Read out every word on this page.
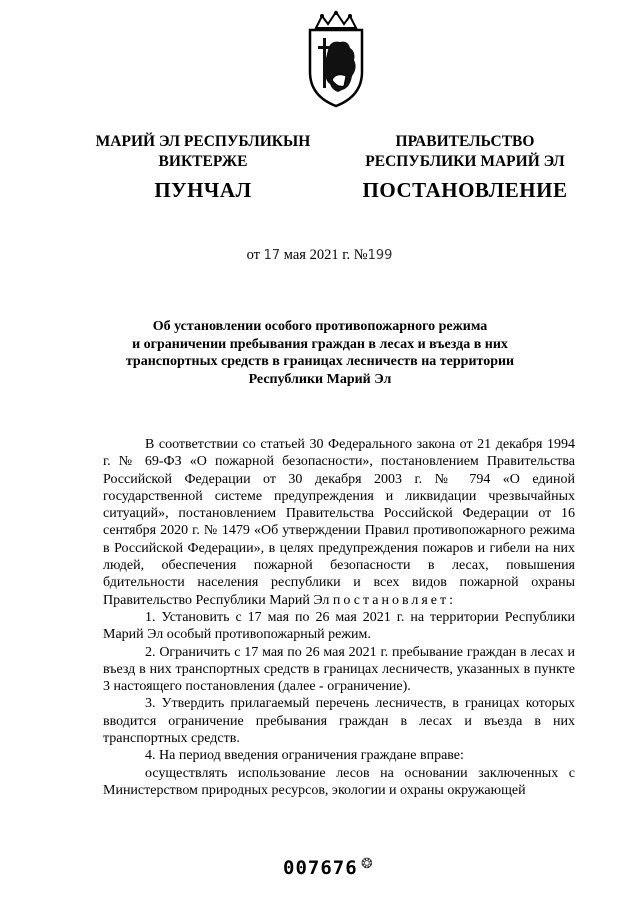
МАРИЙ ЭЛ РЕСПУБЛИКЫН
ВИКТЕРЖЕ
ПУНЧАЛ
ПРАВИТЕЛЬСТВО
РЕСПУБЛИКИ МАРИЙ ЭЛ
ПОСТАНОВЛЕНИЕ
от 17 мая 2021 г. №199
Об установлении особого противопожарного режима
и ограничении пребывания граждан в лесах и въезда в них
транспортных средств в границах лесничеств на территории
Республики Марий Эл

В соответствии со статьей 30 Федерального закона от 21 декабря 1994 г. № 69-ФЗ «О пожарной безопасности», постановлением Правительства Российской Федерации от 30 декабря 2003 г. № 794 «О единой государственной системе предупреждения и ликвидации чрезвычайных ситуаций», постановлением Правительства Российской Федерации от 16 сентября 2020 г. № 1479 «Об утверждении Правил противопожарного режима в Российской Федерации», в целях предупреждения пожаров и гибели на них людей, обеспечения пожарной безопасности в лесах, повышения бдительности населения республики и всех видов пожарной охраны Правительство Республики Марий Эл постановляет:

1. Установить с 17 мая по 26 мая 2021 г. на территории Республики Марий Эл особый противопожарный режим.

2. Ограничить с 17 мая по 26 мая 2021 г. пребывание граждан в лесах и въезд в них транспортных средств в границах лесничеств, указанных в пункте 3 настоящего постановления (далее - ограничение).

3. Утвердить прилагаемый перечень лесничеств, в границах которых вводится ограничение пребывания граждан в лесах и въезда в них транспортных средств.

4. На период введения ограничения граждане вправе:

осуществлять использование лесов на основании заключенных с Министерством природных ресурсов, экологии и охраны окружающей

007676 ❂
